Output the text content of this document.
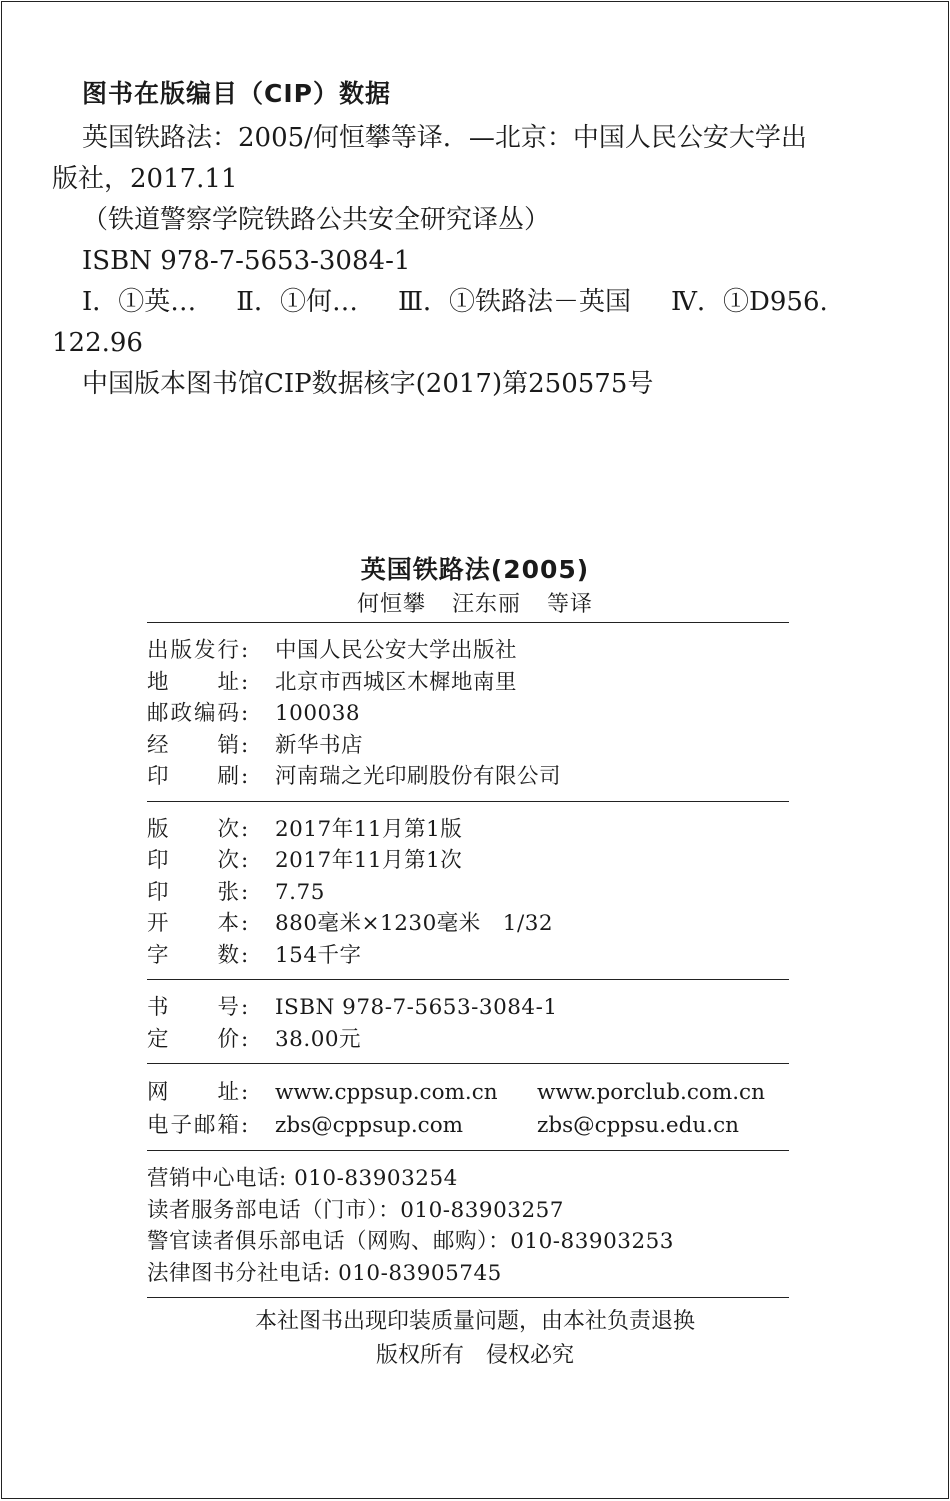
图书在版编目（CIP）数据
英国铁路法：2005/何恒攀等译．—北京：中国人民公安大学出
版社，2017.11
（铁道警察学院铁路公共安全研究译丛）
ISBN 978-7-5653-3084-1
Ⅰ．①英… Ⅱ．①何… Ⅲ．①铁路法－英国 Ⅳ．①D956.
122.96
中国版本图书馆CIP数据核字(2017)第250575号
英国铁路法(2005)
何恒攀 汪东丽 等译
出版发行:	中国人民公安大学出版社
地　　址:	北京市西城区木樨地南里
邮政编码:	100038
经　　销:	新华书店
印　　刷:	河南瑞之光印刷股份有限公司
版　　次:	2017年11月第1版
印　　次:	2017年11月第1次
印　　张:	7.75
开　　本:	880毫米×1230毫米　1/32
字　　数:	154千字
书　　号:	ISBN 978-7-5653-3084-1
定　　价:	38.00元
网　　址:	www.cppsup.com.cn	www.porclub.com.cn
电子邮箱:	zbs@cppsup.com	zbs@cppsu.edu.cn
营销中心电话: 010-83903254
读者服务部电话（门市）：010-83903257
警官读者俱乐部电话（网购、邮购）：010-83903253
法律图书分社电话: 010-83905745
本社图书出现印装质量问题，由本社负责退换
版权所有　侵权必究
